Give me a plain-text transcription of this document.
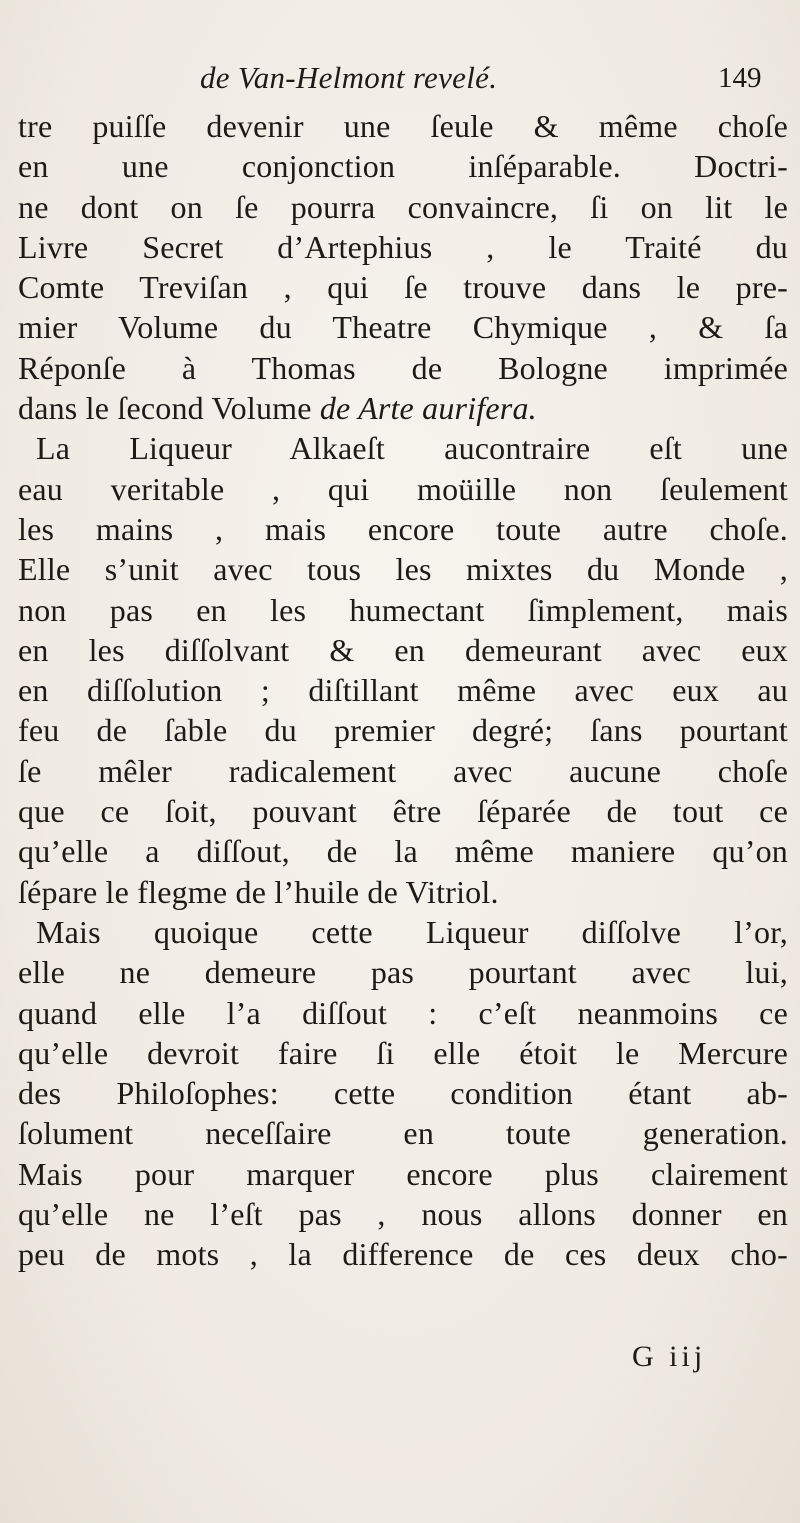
de Van-Helmont revelé.	149
tre puiſſe devenir une ſeule & même choſe
en une conjonction inſéparable. Doctri-
ne dont on ſe pourra convaincre, ſi on lit le
Livre Secret d’Artephius , le Traité du
Comte Treviſan , qui ſe trouve dans le pre-
mier Volume du Theatre Chymique , & ſa
Réponſe à Thomas de Bologne imprimée
dans le ſecond Volume de Arte aurifera.
La Liqueur Alkaeſt aucontraire eſt une
eau veritable , qui moüille non ſeulement
les mains , mais encore toute autre choſe.
Elle s’unit avec tous les mixtes du Monde ,
non pas en les humectant ſimplement, mais
en les diſſolvant & en demeurant avec eux
en diſſolution ; diſtillant même avec eux au
feu de ſable du premier degré; ſans pourtant
ſe mêler radicalement avec aucune choſe
que ce ſoit, pouvant être ſéparée de tout ce
qu’elle a diſſout, de la même maniere qu’on
ſépare le flegme de l’huile de Vitriol.
Mais quoique cette Liqueur diſſolve l’or,
elle ne demeure pas pourtant avec lui,
quand elle l’a diſſout : c’eſt neanmoins ce
qu’elle devroit faire ſi elle étoit le Mercure
des Philoſophes: cette condition étant ab-
ſolument neceſſaire en toute generation.
Mais pour marquer encore plus clairement
qu’elle ne l’eſt pas , nous allons donner en
peu de mots , la difference de ces deux cho-
G iij
